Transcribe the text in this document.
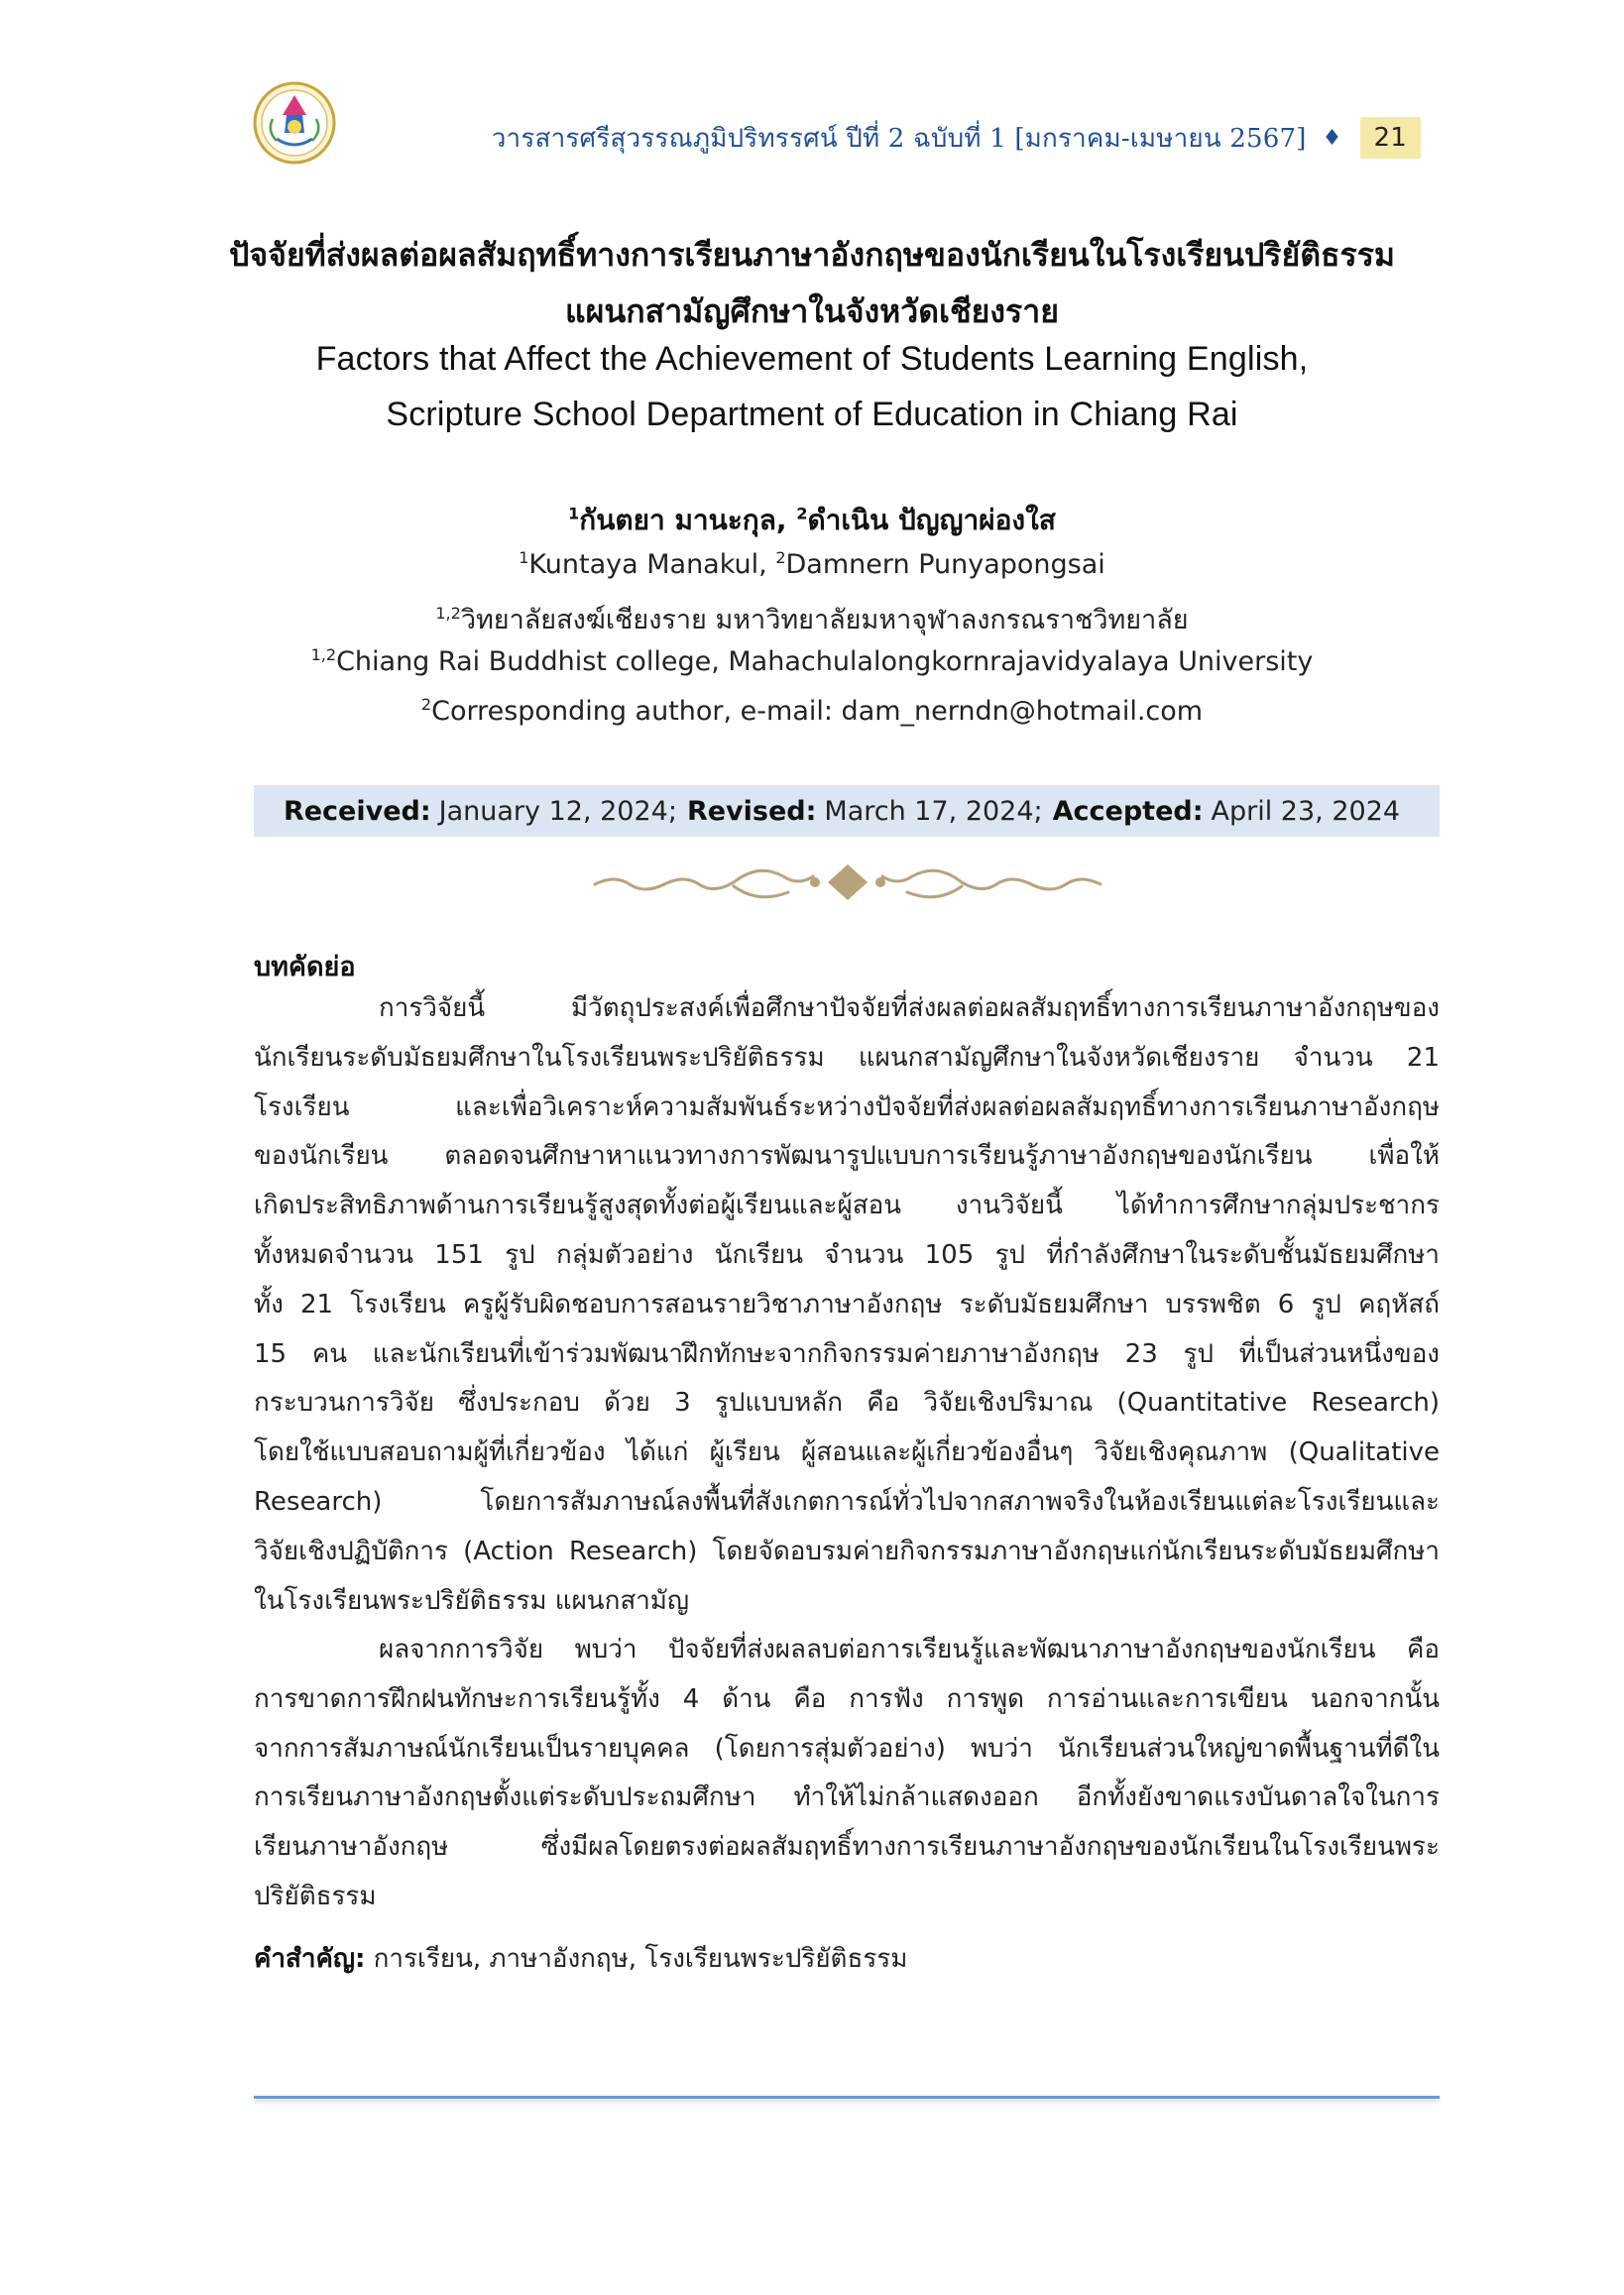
วารสารศรีสุวรรณภูมิปริทรรศน์ ปีที่ 2 ฉบับที่ 1 [มกราคม-เมษายน 2567] ♦	21
ปัจจัยที่ส่งผลต่อผลสัมฤทธิ์ทางการเรียนภาษาอังกฤษของนักเรียนในโรงเรียนปริยัติธรรม
แผนกสามัญศึกษาในจังหวัดเชียงราย
Factors that Affect the Achievement of Students Learning English,
Scripture School Department of Education in Chiang Rai
$^1$กันตยา มานะกุล, $^2$ดำเนิน ปัญญาผ่องใส
$^1$Kuntaya Manakul, $^2$Damnern Punyapongsai
$^{1,2}$วิทยาลัยสงฆ์เชียงราย มหาวิทยาลัยมหาจุฬาลงกรณราชวิทยาลัย
$^{1,2}$Chiang Rai Buddhist college, Mahachulalongkornrajavidyalaya University
$^2$Corresponding author, e-mail: dam_nerndn@hotmail.com
Received: January 12, 2024; Revised: March 17, 2024; Accepted: April 23, 2024
บทคัดย่อ
การวิจัยนี้ มีวัตถุประสงค์เพื่อศึกษาปัจจัยที่ส่งผลต่อผลสัมฤทธิ์ทางการเรียนภาษาอังกฤษของ
นักเรียนระดับมัธยมศึกษาในโรงเรียนพระปริยัติธรรม แผนกสามัญศึกษาในจังหวัดเชียงราย จำนวน 21
โรงเรียน และเพื่อวิเคราะห์ความสัมพันธ์ระหว่างปัจจัยที่ส่งผลต่อผลสัมฤทธิ์ทางการเรียนภาษาอังกฤษ
ของนักเรียน ตลอดจนศึกษาหาแนวทางการพัฒนารูปแบบการเรียนรู้ภาษาอังกฤษของนักเรียน เพื่อให้
เกิดประสิทธิภาพด้านการเรียนรู้สูงสุดทั้งต่อผู้เรียนและผู้สอน งานวิจัยนี้ ได้ทำการศึกษากลุ่มประชากร
ทั้งหมดจำนวน 151 รูป กลุ่มตัวอย่าง นักเรียน จำนวน 105 รูป ที่กำลังศึกษาในระดับชั้นมัธยมศึกษา
ทั้ง 21 โรงเรียน ครูผู้รับผิดชอบการสอนรายวิชาภาษาอังกฤษ ระดับมัธยมศึกษา บรรพชิต 6 รูป คฤหัสถ์
15 คน และนักเรียนที่เข้าร่วมพัฒนาฝึกทักษะจากกิจกรรมค่ายภาษาอังกฤษ 23 รูป ที่เป็นส่วนหนึ่งของ
กระบวนการวิจัย ซึ่งประกอบ ด้วย 3 รูปแบบหลัก คือ วิจัยเชิงปริมาณ (Quantitative Research)
โดยใช้แบบสอบถามผู้ที่เกี่ยวข้อง ได้แก่ ผู้เรียน ผู้สอนและผู้เกี่ยวข้องอื่นๆ วิจัยเชิงคุณภาพ (Qualitative
Research) โดยการสัมภาษณ์ลงพื้นที่สังเกตการณ์ทั่วไปจากสภาพจริงในห้องเรียนแต่ละโรงเรียนและ
วิจัยเชิงปฏิบัติการ (Action Research) โดยจัดอบรมค่ายกิจกรรมภาษาอังกฤษแก่นักเรียนระดับมัธยมศึกษา
ในโรงเรียนพระปริยัติธรรม แผนกสามัญ
ผลจากการวิจัย พบว่า ปัจจัยที่ส่งผลลบต่อการเรียนรู้และพัฒนาภาษาอังกฤษของนักเรียน คือ
การขาดการฝึกฝนทักษะการเรียนรู้ทั้ง 4 ด้าน คือ การฟัง การพูด การอ่านและการเขียน นอกจากนั้น
จากการสัมภาษณ์นักเรียนเป็นรายบุคคล (โดยการสุ่มตัวอย่าง) พบว่า นักเรียนส่วนใหญ่ขาดพื้นฐานที่ดีใน
การเรียนภาษาอังกฤษตั้งแต่ระดับประถมศึกษา ทำให้ไม่กล้าแสดงออก อีกทั้งยังขาดแรงบันดาลใจในการ
เรียนภาษาอังกฤษ ซึ่งมีผลโดยตรงต่อผลสัมฤทธิ์ทางการเรียนภาษาอังกฤษของนักเรียนในโรงเรียนพระ
ปริยัติธรรม
คำสำคัญ: การเรียน, ภาษาอังกฤษ, โรงเรียนพระปริยัติธรรม
